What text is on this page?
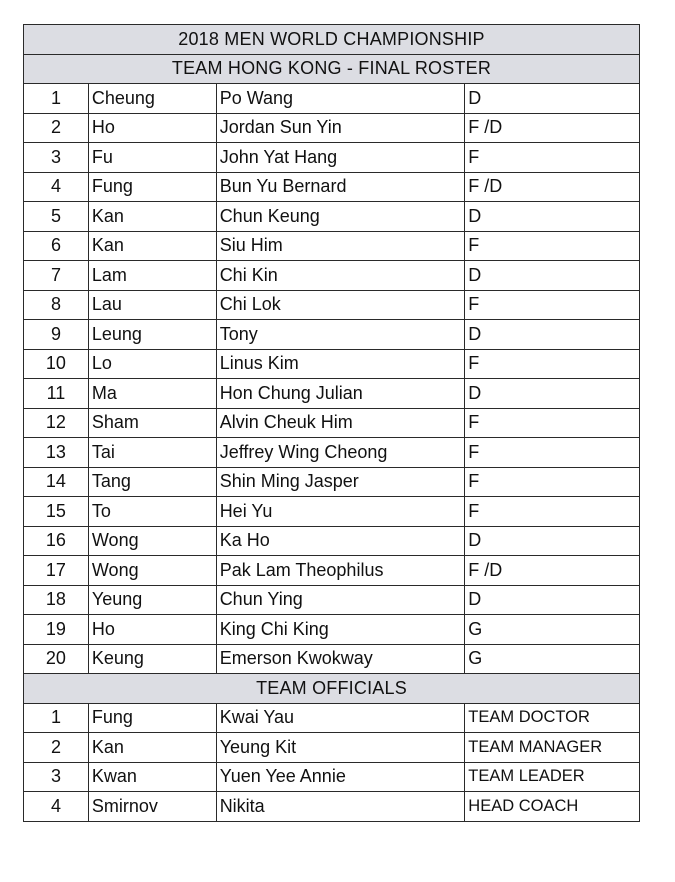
2018 MEN WORLD CHAMPIONSHIP
TEAM HONG KONG - FINAL ROSTER
1	Cheung	Po Wang	D
2	Ho	Jordan Sun Yin	F /D
3	Fu	John Yat Hang	F
4	Fung	Bun Yu Bernard	F /D
5	Kan	Chun Keung	D
6	Kan	Siu Him	F
7	Lam	Chi Kin	D
8	Lau	Chi Lok	F
9	Leung	Tony	D
10	Lo	Linus Kim	F
11	Ma	Hon Chung Julian	D
12	Sham	Alvin Cheuk Him	F
13	Tai	Jeffrey Wing Cheong	F
14	Tang	Shin Ming Jasper	F
15	To	Hei Yu	F
16	Wong	Ka Ho	D
17	Wong	Pak Lam Theophilus	F /D
18	Yeung	Chun Ying	D
19	Ho	King Chi King	G
20	Keung	Emerson Kwokway	G
TEAM OFFICIALS
1	Fung	Kwai Yau	TEAM DOCTOR
2	Kan	Yeung Kit	TEAM MANAGER
3	Kwan	Yuen Yee Annie	TEAM LEADER
4	Smirnov	Nikita	HEAD COACH
